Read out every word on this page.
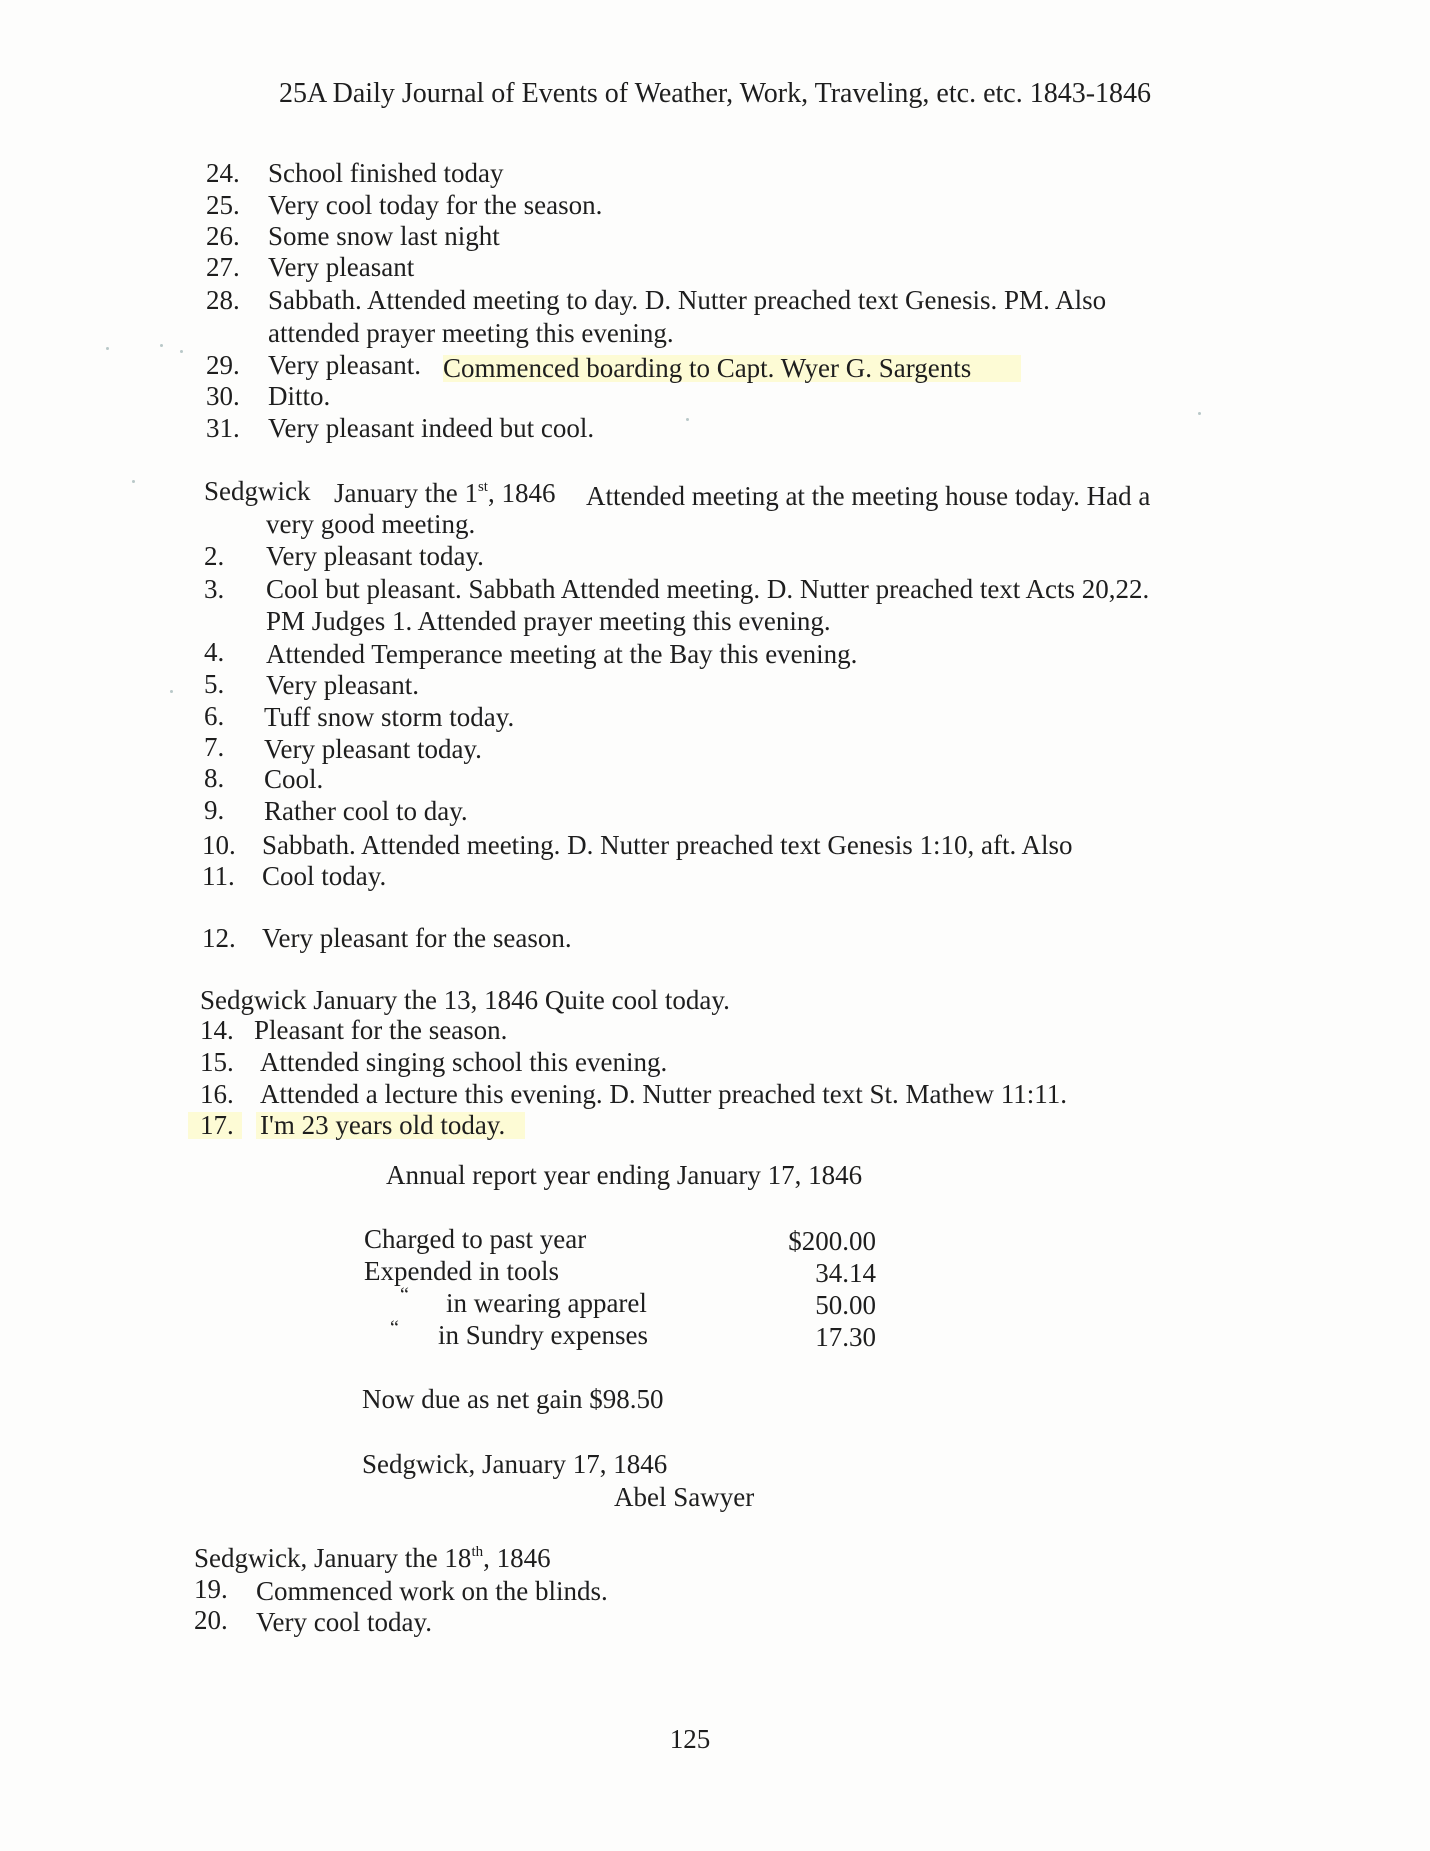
25A Daily Journal of Events of Weather, Work, Traveling, etc. etc. 1843-1846
24. School finished today
25. Very cool today for the season.
26. Some snow last night
27. Very pleasant
28. Sabbath. Attended meeting to day. D. Nutter preached text Genesis. PM. Also
attended prayer meeting this evening.
29. Very pleasant. Commenced boarding to Capt. Wyer G. Sargents
30. Ditto.
31. Very pleasant indeed but cool.
Sedgwick January the 1st, 1846 Attended meeting at the meeting house today. Had a
very good meeting.
2. Very pleasant today.
3. Cool but pleasant. Sabbath Attended meeting. D. Nutter preached text Acts 20,22.
PM Judges 1. Attended prayer meeting this evening.
4. Attended Temperance meeting at the Bay this evening.
5. Very pleasant.
6. Tuff snow storm today.
7. Very pleasant today.
8. Cool.
9. Rather cool to day.
10. Sabbath. Attended meeting. D. Nutter preached text Genesis 1:10, aft. Also
11. Cool today.
12. Very pleasant for the season.
Sedgwick January the 13, 1846 Quite cool today.
14. Pleasant for the season.
15. Attended singing school this evening.
16. Attended a lecture this evening. D. Nutter preached text St. Mathew 11:11.
17. I'm 23 years old today.
Annual report year ending January 17, 1846
Charged to past year	$200.00
Expended in tools	34.14
“ in wearing apparel	50.00
“ in Sundry expenses	17.30
Now due as net gain $98.50
Sedgwick, January 17, 1846
Abel Sawyer
Sedgwick, January the 18th, 1846
19. Commenced work on the blinds.
20. Very cool today.
125
